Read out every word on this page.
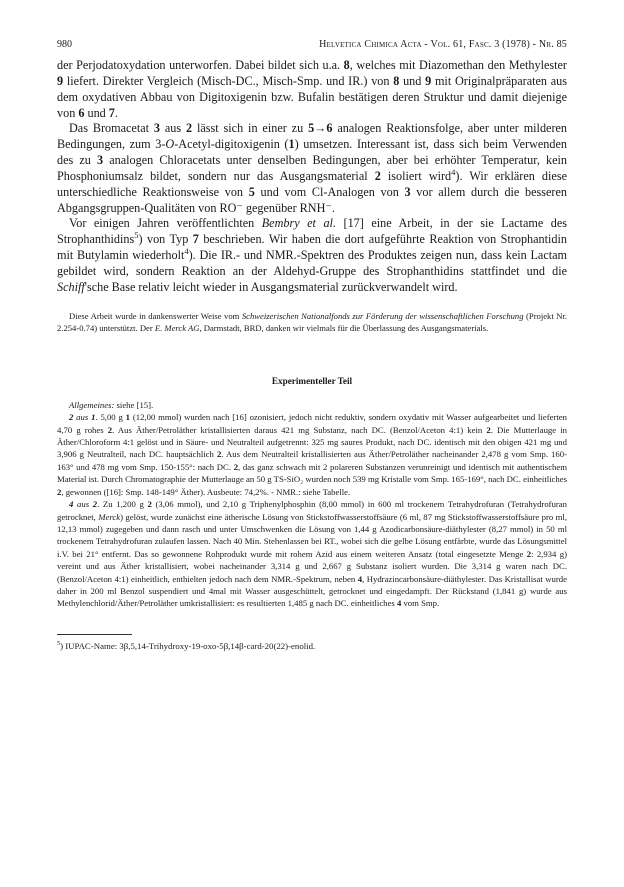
980	Helvetica Chimica Acta - Vol. 61, Fasc. 3 (1978) - Nr. 85

der Perjodatoxydation unterworfen. Dabei bildet sich u.a. 8, welches mit Diazomethan den Methylester 9 liefert. Direkter Vergleich (Misch-DC., Misch-Smp. und IR.) von 8 und 9 mit Originalpräparaten aus dem oxydativen Abbau von Digitoxigenin bzw. Bufalin bestätigen deren Struktur und damit diejenige von 6 und 7.

Das Bromacetat 3 aus 2 lässt sich in einer zu 5→6 analogen Reaktionsfolge, aber unter milderen Bedingungen, zum 3-O-Acetyl-digitoxigenin (1) umsetzen. Interessant ist, dass sich beim Verwenden des zu 3 analogen Chloracetats unter denselben Bedingungen, aber bei erhöhter Temperatur, kein Phosphoniumsalz bildet, sondern nur das Ausgangsmaterial 2 isoliert wird$^4$). Wir erklären diese unterschiedliche Reaktionsweise von 5 und vom Cl-Analogen von 3 vor allem durch die besseren Abgangsgruppen-Qualitäten von RO⁻ gegenüber RNH⁻.

Vor einigen Jahren veröffentlichten Bembry et al. [17] eine Arbeit, in der sie Lactame des Strophanthidins$^5$) von Typ 7 beschrieben. Wir haben die dort aufgeführte Reaktion von Strophantidin mit Butylamin wiederholt$^4$). Die IR.- und NMR.-Spektren des Produktes zeigen nun, dass kein Lactam gebildet wird, sondern Reaktion an der Aldehyd-Gruppe des Strophanthidins stattfindet und die Schiff'sche Base relativ leicht wieder in Ausgangsmaterial zurückverwandelt wird.

Diese Arbeit wurde in dankenswerter Weise vom Schweizerischen Nationalfonds zur Förderung der wissenschaftlichen Forschung (Projekt Nr. 2.254-0.74) unterstützt. Der E. Merck AG, Darmstadt, BRD, danken wir vielmals für die Überlassung des Ausgangsmaterials.

Experimenteller Teil

Allgemeines: siehe [15].

2 aus 1. 5,00 g 1 (12,00 mmol) wurden nach [16] ozonisiert, jedoch nicht reduktiv, sondern oxydativ mit Wasser aufgearbeitet und lieferten 4,70 g rohes 2. Aus Äther/Petroläther kristallisierten daraus 421 mg Substanz, nach DC. (Benzol/Aceton 4:1) kein 2. Die Mutterlauge in Äther/Chloroform 4:1 gelöst und in Säure- und Neutralteil aufgetrennt: 325 mg saures Produkt, nach DC. identisch mit den obigen 421 mg und 3,906 g Neutralteil, nach DC. hauptsächlich 2. Aus dem Neutralteil kristallisierten aus Äther/Petroläther nacheinander 2,478 g vom Smp. 160-163° und 478 mg vom Smp. 150-155°: nach DC. 2, das ganz schwach mit 2 polareren Substanzen verunreinigt und identisch mit authentischem Material ist. Durch Chromatographie der Mutterlauge an 50 g TS-SiO₂ wurden noch 539 mg Kristalle vom Smp. 165-169°, nach DC. einheitliches 2, gewonnen ([16]: Smp. 148-149° Äther). Ausbeute: 74,2%. - NMR.: siehe Tabelle.

4 aus 2. Zu 1,200 g 2 (3,06 mmol), und 2,10 g Triphenylphosphin (8,00 mmol) in 600 ml trockenem Tetrahydrofuran (Tetrahydrofuran getrocknet, Merck) gelöst, wurde zunächst eine ätherische Lösung von Stickstoffwasserstoffsäure (6 ml, 87 mg Stickstoffwasserstoffsäure pro ml, 12,13 mmol) zugegeben und dann rasch und unter Umschwenken die Lösung von 1,44 g Azodicarbonsäure-diäthylester (8,27 mmol) in 50 ml trockenem Tetrahydrofuran zulaufen lassen. Nach 40 Min. Stehenlassen bei RT., wobei sich die gelbe Lösung entfärbte, wurde das Lösungsmittel i.V. bei 21° entfernt. Das so gewonnene Rohprodukt wurde mit rohem Azid aus einem weiteren Ansatz (total eingesetzte Menge 2: 2,934 g) vereint und aus Äther kristallisiert, wobei nacheinander 3,314 g und 2,667 g Substanz isoliert wurden. Die 3,314 g waren nach DC. (Benzol/Aceton 4:1) einheitlich, enthielten jedoch nach dem NMR.-Spektrum, neben 4, Hydrazincarbonsäure-diäthylester. Das Kristallisat wurde daher in 200 ml Benzol suspendiert und 4mal mit Wasser ausgeschüttelt, getrocknet und eingedampft. Der Rückstand (1,841 g) wurde aus Methylenchlorid/Äther/Petroläther umkristallisiert: es resultierten 1,485 g nach DC. einheitliches 4 vom Smp.

$^5$) IUPAC-Name: 3β,5,14-Trihydroxy-19-oxo-5β,14β-card-20(22)-enolid.
